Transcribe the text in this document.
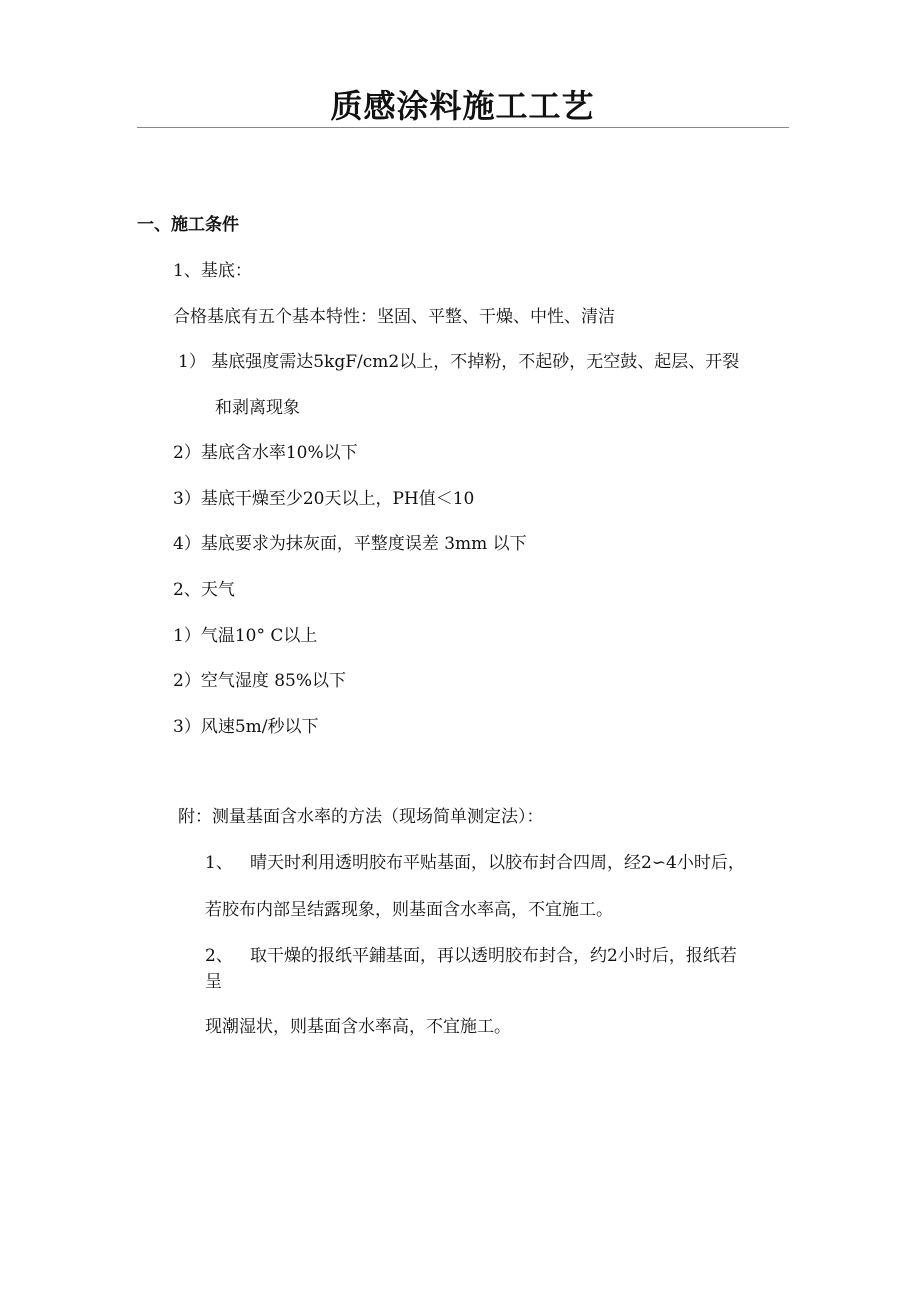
质感涂料施工工艺
一、施工条件
1、基底：
合格基底有五个基本特性：坚固、平整、干燥、中性、清洁
1） 基底强度需达5kgF/cm2以上，不掉粉，不起砂，无空鼓、起层、开裂
和剥离现象
2）基底含水率10%以下
3）基底干燥至少20天以上，PH值＜10
4）基底要求为抹灰面，平整度误差 3mm 以下
2、天气
1）气温10° C以上
2）空气湿度 85%以下
3）风速5m/秒以下
附：测量基面含水率的方法（现场简单测定法）：
1、 晴天时利用透明胶布平贴基面，以胶布封合四周，经2∽4小时后，
若胶布内部呈结露现象，则基面含水率高，不宜施工。
2、 取干燥的报纸平鋪基面，再以透明胶布封合，约2小时后，报纸若
呈
现潮湿状，则基面含水率高，不宜施工。
